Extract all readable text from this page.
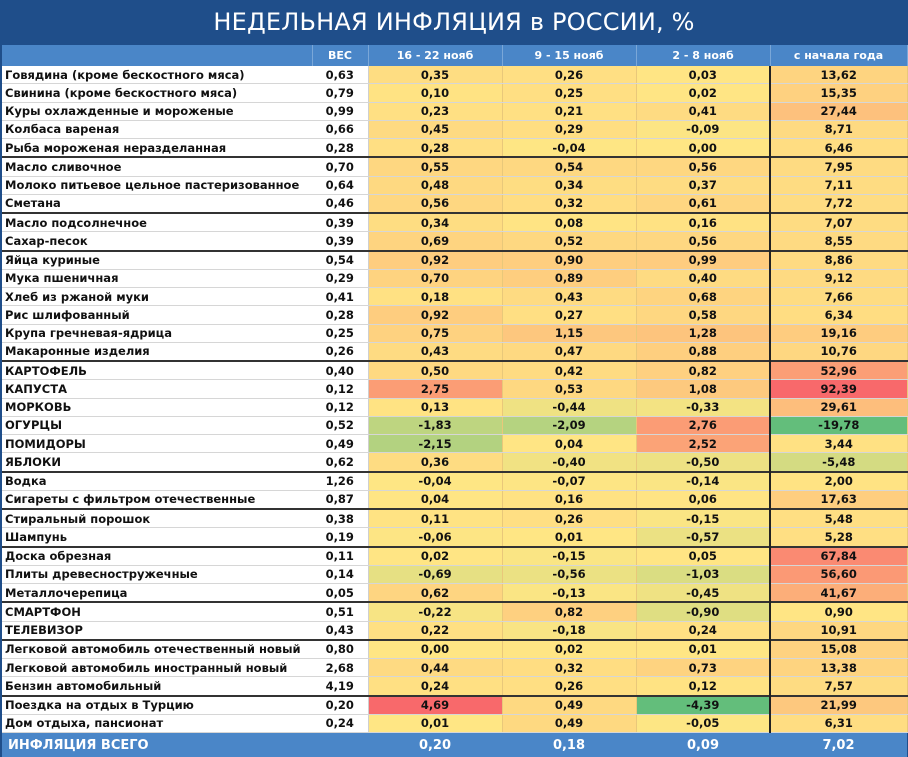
НЕДЕЛЬНАЯ ИНФЛЯЦИЯ в РОССИИ, %
	ВЕС	16 - 22 нояб	9 - 15 нояб	2 - 8 нояб	с начала года
Говядина (кроме бескостного мяса)	0,63	0,35	0,26	0,03	13,62
Свинина (кроме бескостного мяса)	0,79	0,10	0,25	0,02	15,35
Куры охлажденные и мороженые	0,99	0,23	0,21	0,41	27,44
Колбаса вареная	0,66	0,45	0,29	-0,09	8,71
Рыба мороженая неразделанная	0,28	0,28	-0,04	0,00	6,46
Масло сливочное	0,70	0,55	0,54	0,56	7,95
Молоко питьевое цельное пастеризованное	0,64	0,48	0,34	0,37	7,11
Сметана	0,46	0,56	0,32	0,61	7,72
Масло подсолнечное	0,39	0,34	0,08	0,16	7,07
Сахар-песок	0,39	0,69	0,52	0,56	8,55
Яйца куриные	0,54	0,92	0,90	0,99	8,86
Мука пшеничная	0,29	0,70	0,89	0,40	9,12
Хлеб из ржаной муки	0,41	0,18	0,43	0,68	7,66
Рис шлифованный	0,28	0,92	0,27	0,58	6,34
Крупа гречневая-ядрица	0,25	0,75	1,15	1,28	19,16
Макаронные изделия	0,26	0,43	0,47	0,88	10,76
КАРТОФЕЛЬ	0,40	0,50	0,42	0,82	52,96
КАПУСТА	0,12	2,75	0,53	1,08	92,39
МОРКОВЬ	0,12	0,13	-0,44	-0,33	29,61
ОГУРЦЫ	0,52	-1,83	-2,09	2,76	-19,78
ПОМИДОРЫ	0,49	-2,15	0,04	2,52	3,44
ЯБЛОКИ	0,62	0,36	-0,40	-0,50	-5,48
Водка	1,26	-0,04	-0,07	-0,14	2,00
Сигареты с фильтром отечественные	0,87	0,04	0,16	0,06	17,63
Стиральный порошок	0,38	0,11	0,26	-0,15	5,48
Шампунь	0,19	-0,06	0,01	-0,57	5,28
Доска обрезная	0,11	0,02	-0,15	0,05	67,84
Плиты древесностружечные	0,14	-0,69	-0,56	-1,03	56,60
Металлочерепица	0,05	0,62	-0,13	-0,45	41,67
СМАРТФОН	0,51	-0,22	0,82	-0,90	0,90
ТЕЛЕВИЗОР	0,43	0,22	-0,18	0,24	10,91
Легковой автомобиль отечественный новый	0,80	0,00	0,02	0,01	15,08
Легковой автомобиль иностранный новый	2,68	0,44	0,32	0,73	13,38
Бензин автомобильный	4,19	0,24	0,26	0,12	7,57
Поездка на отдых в Турцию	0,20	4,69	0,49	-4,39	21,99
Дом отдыха, пансионат	0,24	0,01	0,49	-0,05	6,31
ИНФЛЯЦИЯ ВСЕГО		0,20	0,18	0,09	7,02
